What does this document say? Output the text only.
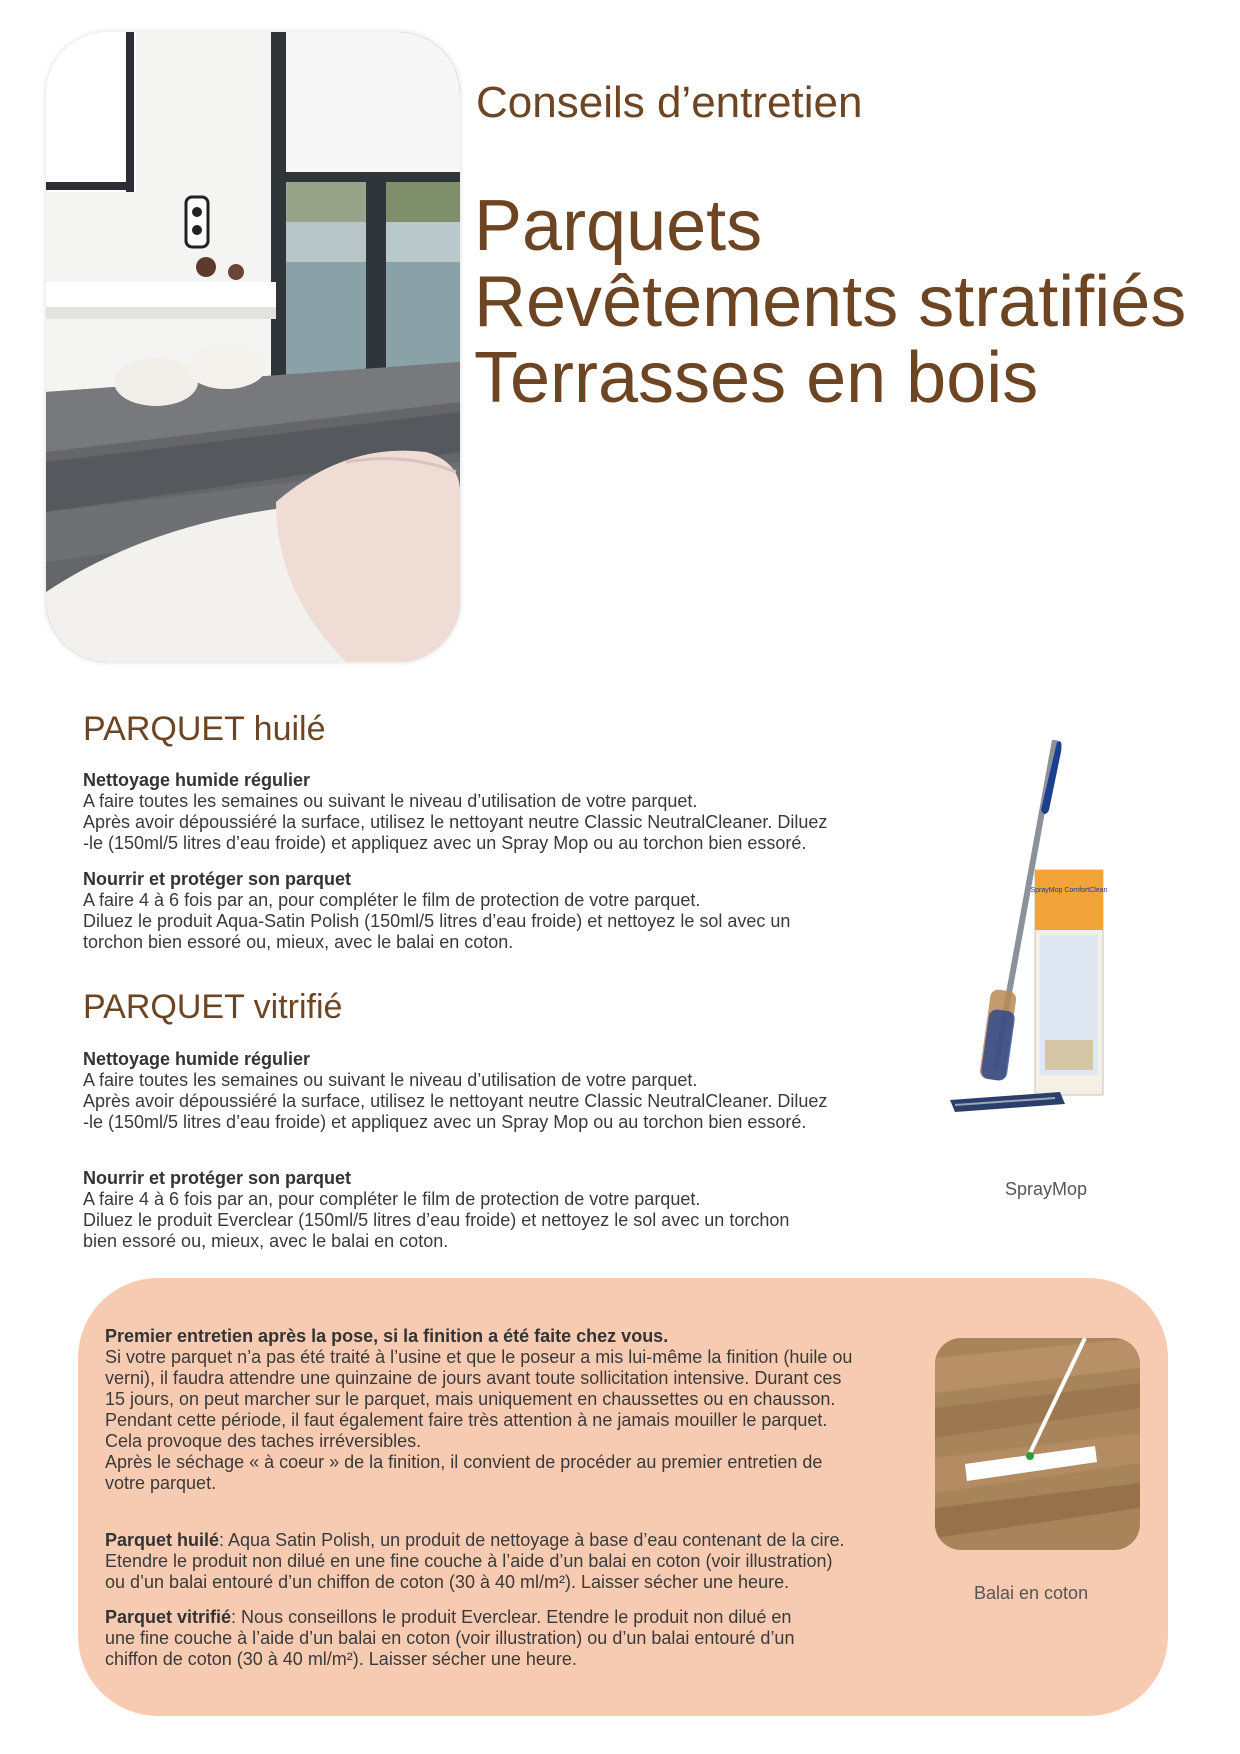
Conseils d’entretien
Parquets
Revêtements stratifiés
Terrasses en bois
PARQUET huilé
Nettoyage humide régulier
A faire toutes les semaines ou suivant le niveau d’utilisation de votre parquet.
Après avoir dépoussiéré la surface, utilisez le nettoyant neutre Classic NeutralCleaner. Diluez
-le (150ml/5 litres d’eau froide) et appliquez avec un Spray Mop ou au torchon bien essoré.
Nourrir et protéger son parquet
A faire 4 à 6 fois par an, pour compléter le film de protection de votre parquet.
Diluez le produit Aqua-Satin Polish (150ml/5 litres d’eau froide) et nettoyez le sol avec un
torchon bien essoré ou, mieux, avec le balai en coton.
PARQUET vitrifié
Nettoyage humide régulier
A faire toutes les semaines ou suivant le niveau d’utilisation de votre parquet.
Après avoir dépoussiéré la surface, utilisez le nettoyant neutre Classic NeutralCleaner. Diluez
-le (150ml/5 litres d’eau froide) et appliquez avec un Spray Mop ou au torchon bien essoré.
Nourrir et protéger son parquet
A faire 4 à 6 fois par an, pour compléter le film de protection de votre parquet.
Diluez le produit Everclear (150ml/5 litres d’eau froide) et nettoyez le sol avec un torchon
bien essoré ou, mieux, avec le balai en coton.
SprayMop ComfortClean
SprayMop
Premier entretien après la pose, si la finition a été faite chez vous.
Si votre parquet n’a pas été traité à l’usine et que le poseur a mis lui-même la finition (huile ou
verni), il faudra attendre une quinzaine de jours avant toute sollicitation intensive. Durant ces
15 jours, on peut marcher sur le parquet, mais uniquement en chaussettes ou en chausson.
Pendant cette période, il faut également faire très attention à ne jamais mouiller le parquet.
Cela provoque des taches irréversibles.
Après le séchage « à coeur » de la finition, il convient de procéder au premier entretien de
votre parquet.
Parquet huilé: Aqua Satin Polish, un produit de nettoyage à base d’eau contenant de la cire.
Etendre le produit non dilué en une fine couche à l’aide d’un balai en coton (voir illustration)
ou d’un balai entouré d’un chiffon de coton (30 à 40 ml/m²). Laisser sécher une heure.
Parquet vitrifié: Nous conseillons le produit Everclear. Etendre le produit non dilué en
une fine couche à l’aide d’un balai en coton (voir illustration) ou d’un balai entouré d’un
chiffon de coton (30 à 40 ml/m²). Laisser sécher une heure.
Balai en coton
